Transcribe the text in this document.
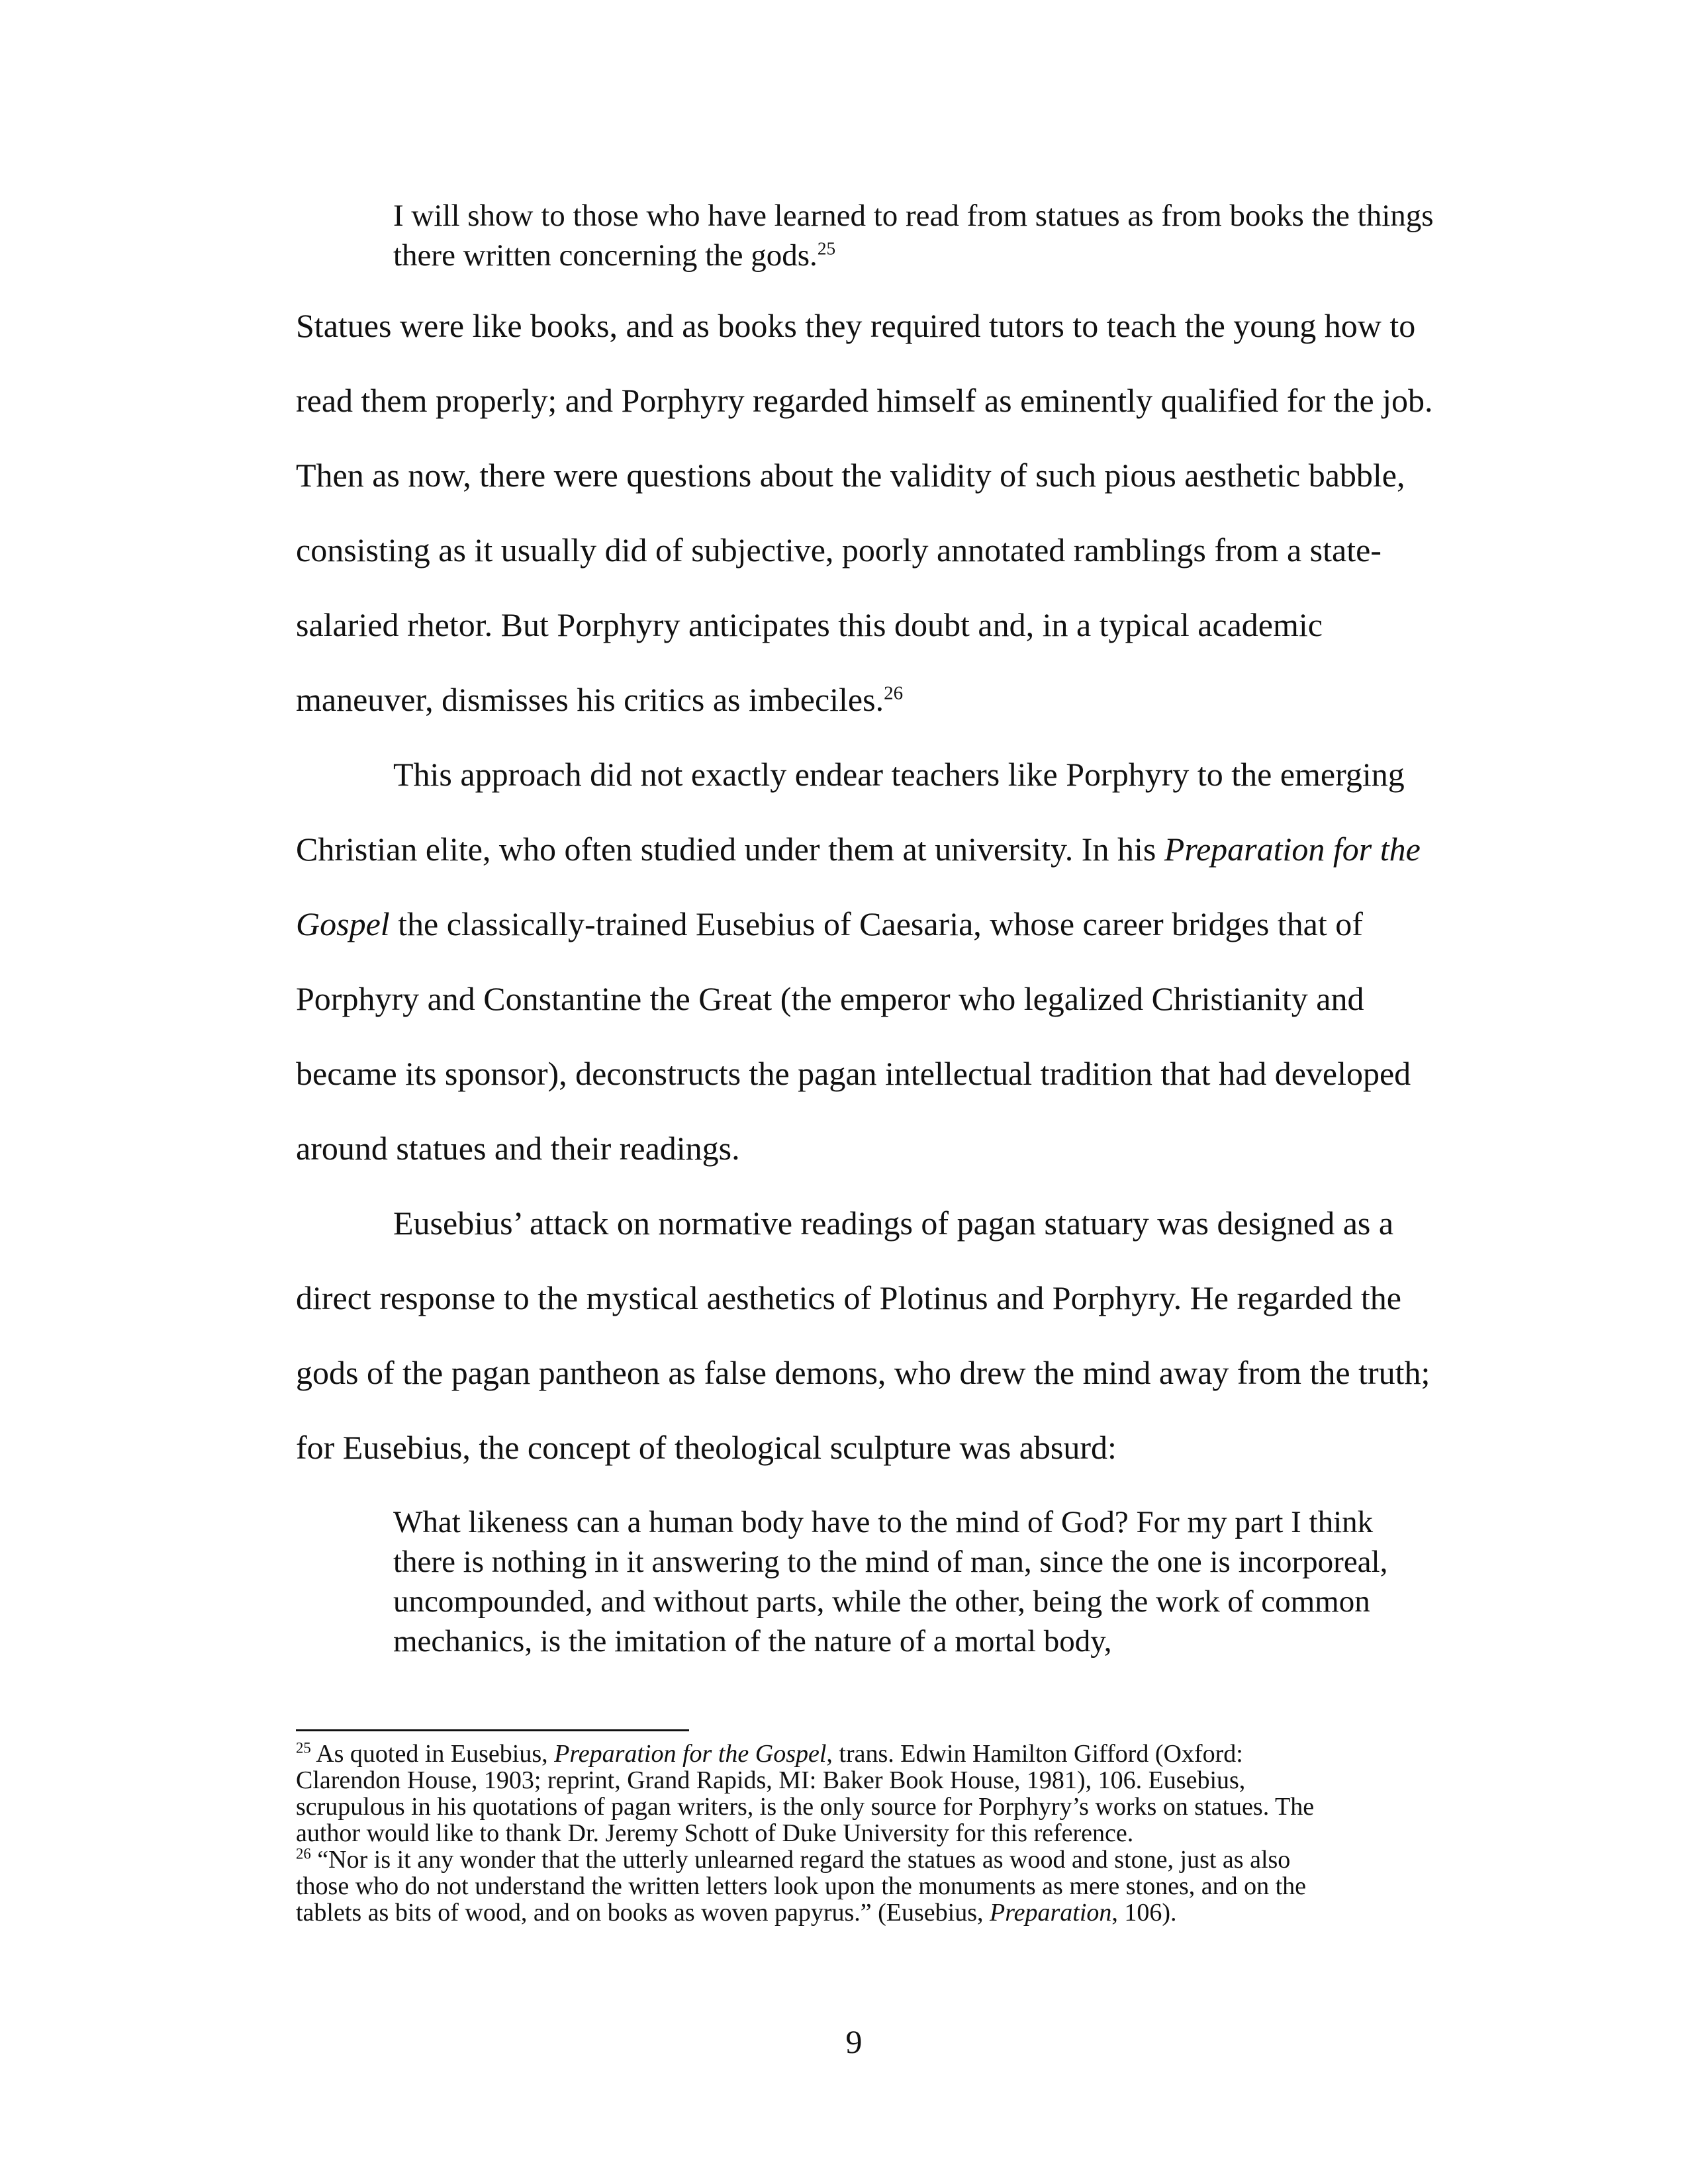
I will show to those who have learned to read from statues as from books the things there written concerning the gods.$^{25}$
Statues were like books, and as books they required tutors to teach the young how to
read them properly; and Porphyry regarded himself as eminently qualified for the job.
Then as now, there were questions about the validity of such pious aesthetic babble,
consisting as it usually did of subjective, poorly annotated ramblings from a state-
salaried rhetor. But Porphyry anticipates this doubt and, in a typical academic
maneuver, dismisses his critics as imbeciles.$^{26}$
This approach did not exactly endear teachers like Porphyry to the emerging
Christian elite, who often studied under them at university. In his Preparation for the
Gospel the classically-trained Eusebius of Caesaria, whose career bridges that of
Porphyry and Constantine the Great (the emperor who legalized Christianity and
became its sponsor), deconstructs the pagan intellectual tradition that had developed
around statues and their readings.
Eusebius’ attack on normative readings of pagan statuary was designed as a
direct response to the mystical aesthetics of Plotinus and Porphyry. He regarded the
gods of the pagan pantheon as false demons, who drew the mind away from the truth;
for Eusebius, the concept of theological sculpture was absurd:
What likeness can a human body have to the mind of God? For my part I think there is nothing in it answering to the mind of man, since the one is incorporeal, uncompounded, and without parts, while the other, being the work of common mechanics, is the imitation of the nature of a mortal body,
$^{25}$ As quoted in Eusebius, Preparation for the Gospel, trans. Edwin Hamilton Gifford (Oxford:
Clarendon House, 1903; reprint, Grand Rapids, MI: Baker Book House, 1981), 106. Eusebius,
scrupulous in his quotations of pagan writers, is the only source for Porphyry’s works on statues. The
author would like to thank Dr. Jeremy Schott of Duke University for this reference.
$^{26}$ “Nor is it any wonder that the utterly unlearned regard the statues as wood and stone, just as also
those who do not understand the written letters look upon the monuments as mere stones, and on the
tablets as bits of wood, and on books as woven papyrus.” (Eusebius, Preparation, 106).
9
